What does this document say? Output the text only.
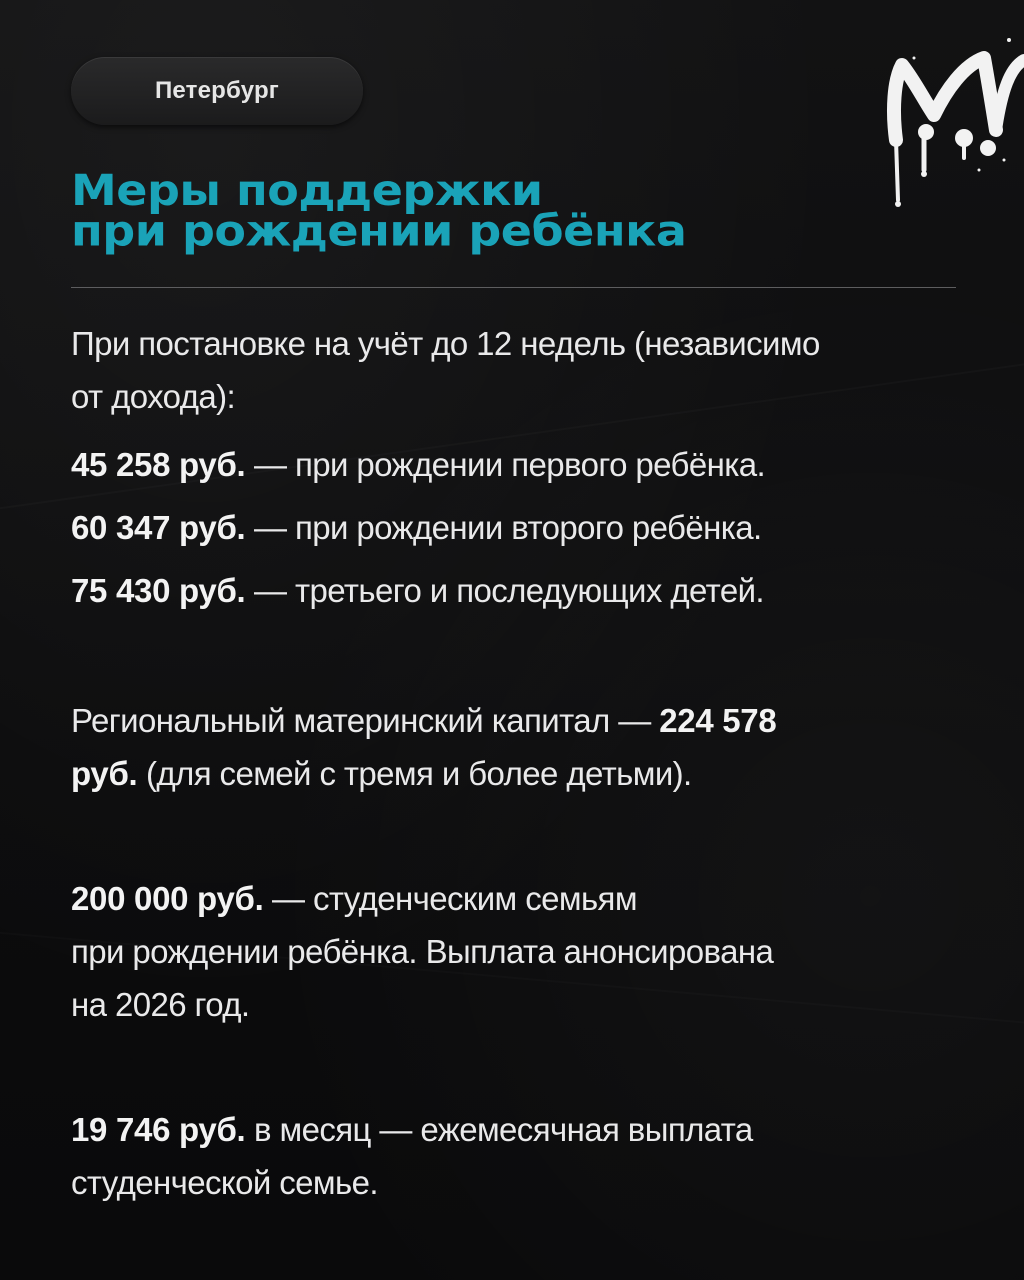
Петербург
Меры поддержки
при рождении ребёнка

При постановке на учёт до 12 недель (независимо
от дохода):

45 258 руб. — при рождении первого ребёнка.

60 347 руб. — при рождении второго ребёнка.

75 430 руб. — третьего и последующих детей.

Региональный материнский капитал — 224 578
руб. (для семей с тремя и более детьми).

200 000 руб. — студенческим семьям
при рождении ребёнка. Выплата анонсирована
на 2026 год.

19 746 руб. в месяц — ежемесячная выплата
студенческой семье.
